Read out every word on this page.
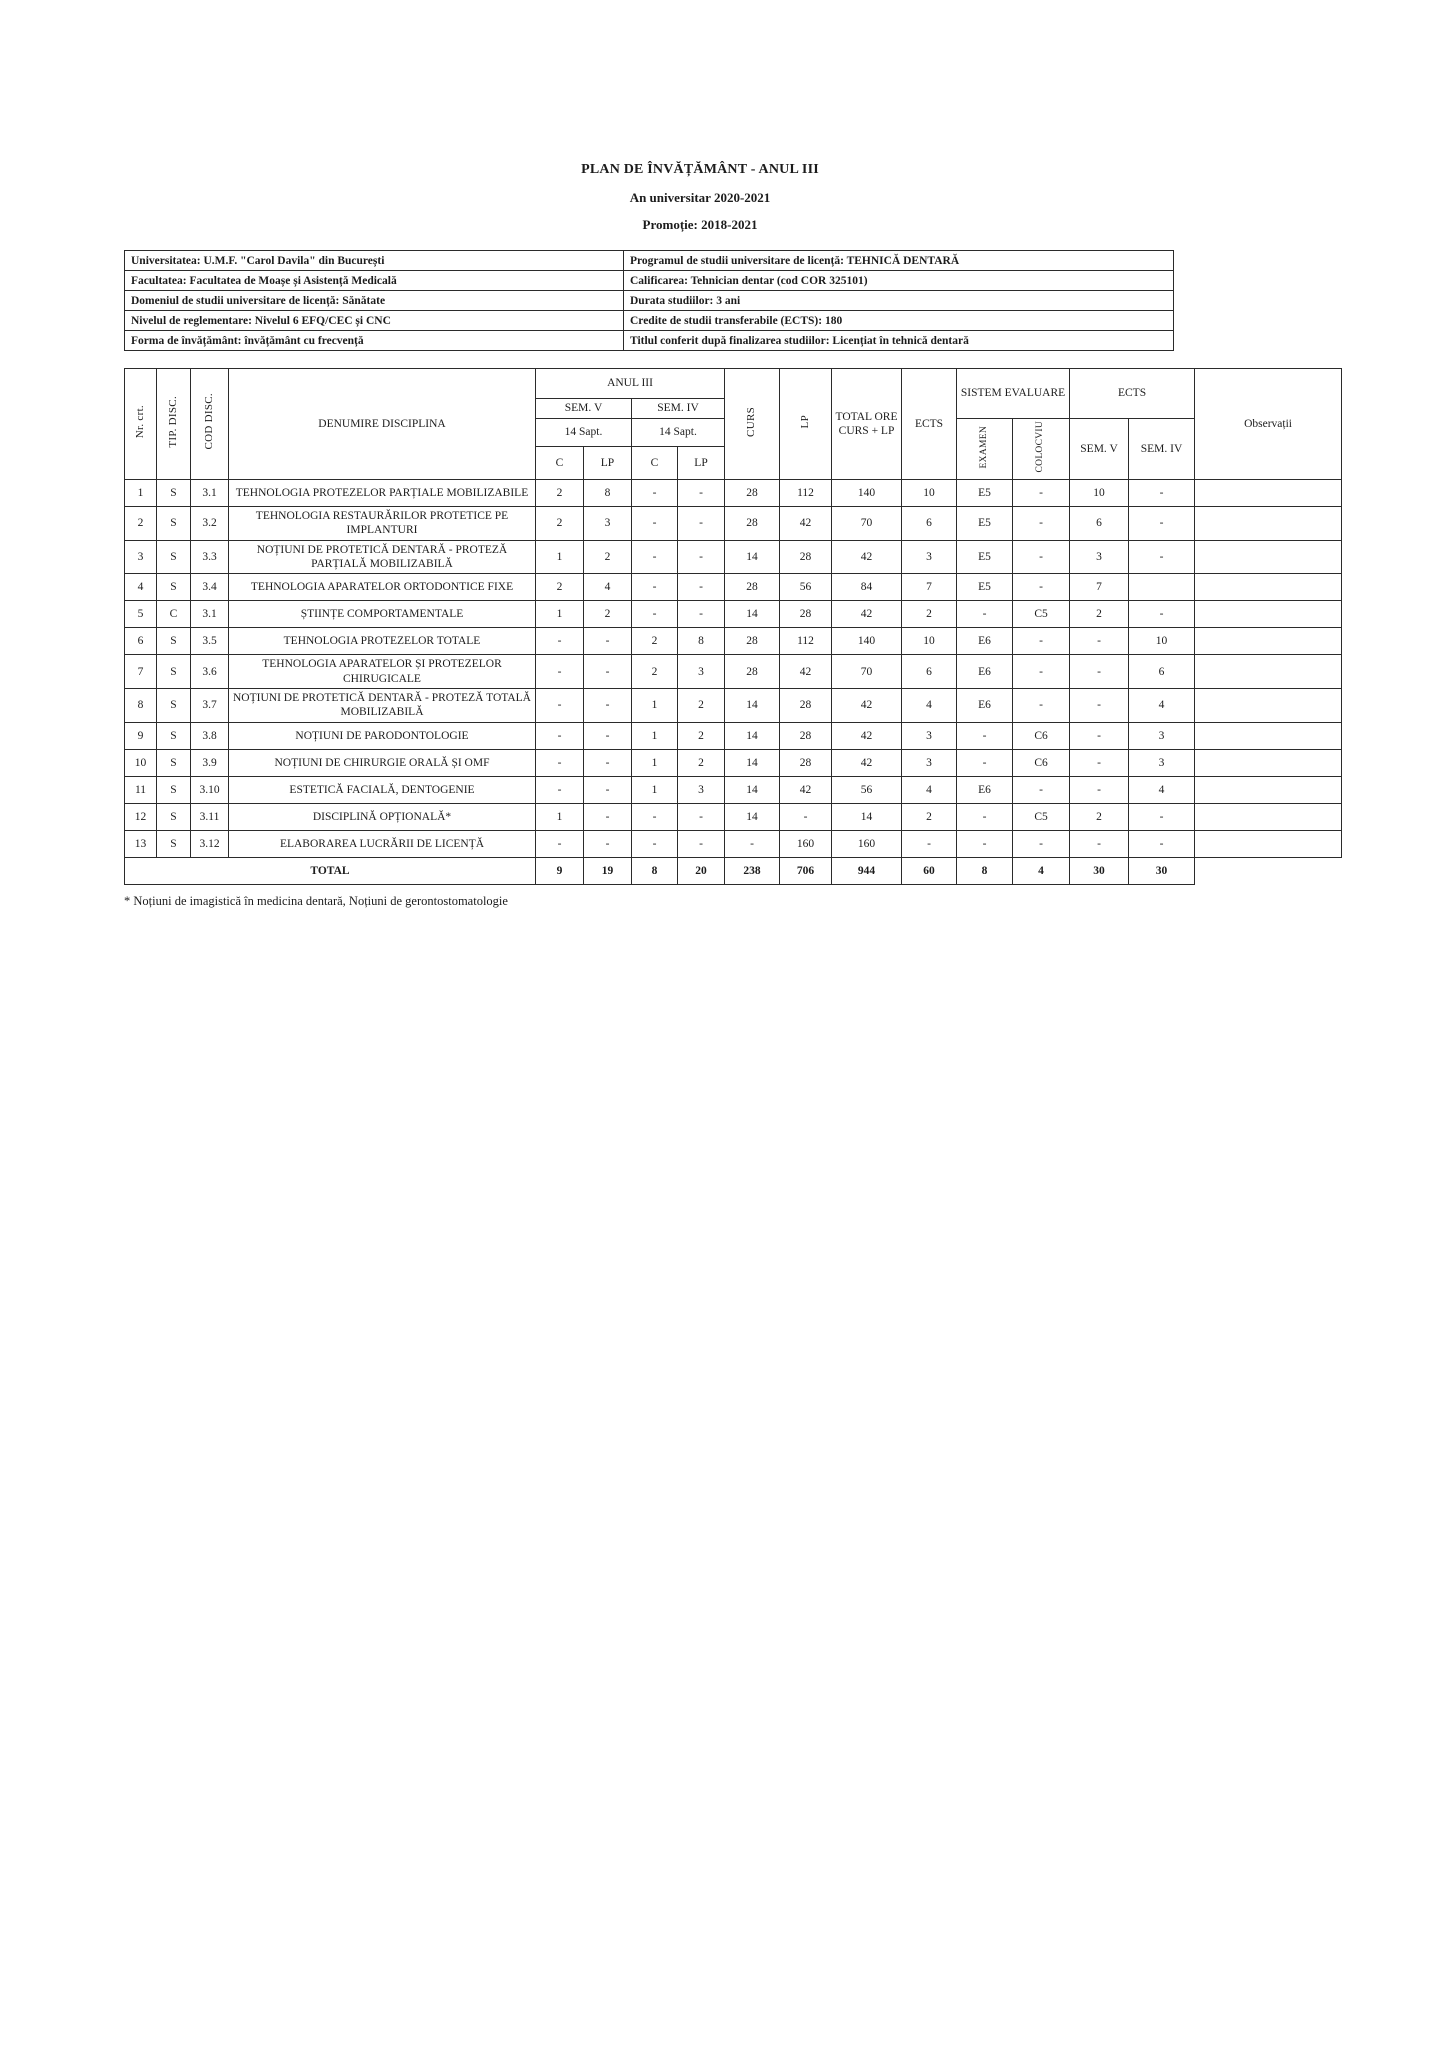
PLAN DE ÎNVĂȚĂMÂNT - ANUL III
An universitar 2020-2021
Promoție: 2018-2021
Universitatea: U.M.F. "Carol Davila" din București	Programul de studii universitare de licență: TEHNICĂ DENTARĂ
Facultatea: Facultatea de Moașe și Asistență Medicală	Calificarea: Tehnician dentar (cod COR 325101)
Domeniul de studii universitare de licență: Sănătate	Durata studiilor: 3 ani
Nivelul de reglementare: Nivelul 6 EFQ/CEC și CNC	Credite de studii transferabile (ECTS): 180
Forma de învățământ: învățământ cu frecvență	Titlul conferit după finalizarea studiilor: Licențiat în tehnică dentară
Nr. crt.	TIP. DISC.	COD DISC.	DENUMIRE DISCIPLINA	ANUL III				CURS	LP	TOTAL ORE CURS + LP	ECTS	SISTEM EVALUARE		ECTS		Observații
				SEM. V		SEM. IV										
				14 Sapt.		14 Sapt.						EXAMEN	COLOCVIU	SEM. V	SEM. IV	
				C	LP	C	LP									
1	S	3.1	TEHNOLOGIA PROTEZELOR PARȚIALE MOBILIZABILE	2	8	-	-	28	112	140	10	E5	-	10	-	
2	S	3.2	TEHNOLOGIA RESTAURĂRILOR PROTETICE PE IMPLANTURI	2	3	-	-	28	42	70	6	E5	-	6	-	
3	S	3.3	NOȚIUNI DE PROTETICĂ DENTARĂ - PROTEZĂ PARȚIALĂ MOBILIZABILĂ	1	2	-	-	14	28	42	3	E5	-	3	-	
4	S	3.4	TEHNOLOGIA APARATELOR ORTODONTICE FIXE	2	4	-	-	28	56	84	7	E5	-	7		
5	C	3.1	ȘTIINȚE COMPORTAMENTALE	1	2	-	-	14	28	42	2	-	C5	2	-	
6	S	3.5	TEHNOLOGIA PROTEZELOR TOTALE	-	-	2	8	28	112	140	10	E6	-	-	10	
7	S	3.6	TEHNOLOGIA APARATELOR ȘI PROTEZELOR CHIRUGICALE	-	-	2	3	28	42	70	6	E6	-	-	6	
8	S	3.7	NOȚIUNI DE PROTETICĂ DENTARĂ - PROTEZĂ TOTALĂ MOBILIZABILĂ	-	-	1	2	14	28	42	4	E6	-	-	4	
9	S	3.8	NOȚIUNI DE PARODONTOLOGIE	-	-	1	2	14	28	42	3	-	C6	-	3	
10	S	3.9	NOȚIUNI DE CHIRURGIE ORALĂ ȘI OMF	-	-	1	2	14	28	42	3	-	C6	-	3	
11	S	3.10	ESTETICĂ FACIALĂ, DENTOGENIE	-	-	1	3	14	42	56	4	E6	-	-	4	
12	S	3.11	DISCIPLINĂ OPȚIONALĂ*	1	-	-	-	14	-	14	2	-	C5	2	-	
13	S	3.12	ELABORAREA LUCRĂRII DE LICENȚĂ	-	-	-	-	-	160	160	-	-	-	-	-	
TOTAL				9	19	8	20	238	706	944	60	8	4	30	30	
* Noțiuni de imagistică în medicina dentară, Noțiuni de gerontostomatologie
